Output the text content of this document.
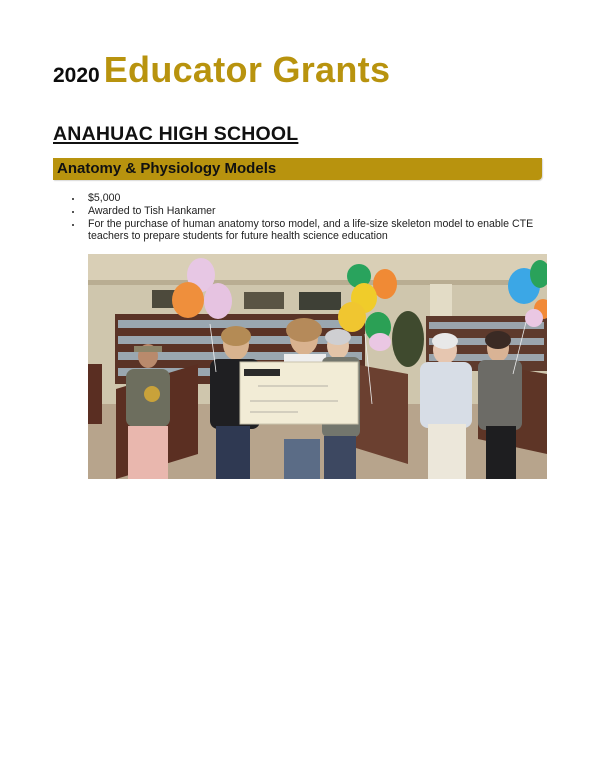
2020 Educator Grants
ANAHUAC HIGH SCHOOL
Anatomy & Physiology Models
$5,000
Awarded to Tish Hankamer
For the purchase of human anatomy torso model, and a life-size skeleton model to enable CTE teachers to prepare students for future health science education
